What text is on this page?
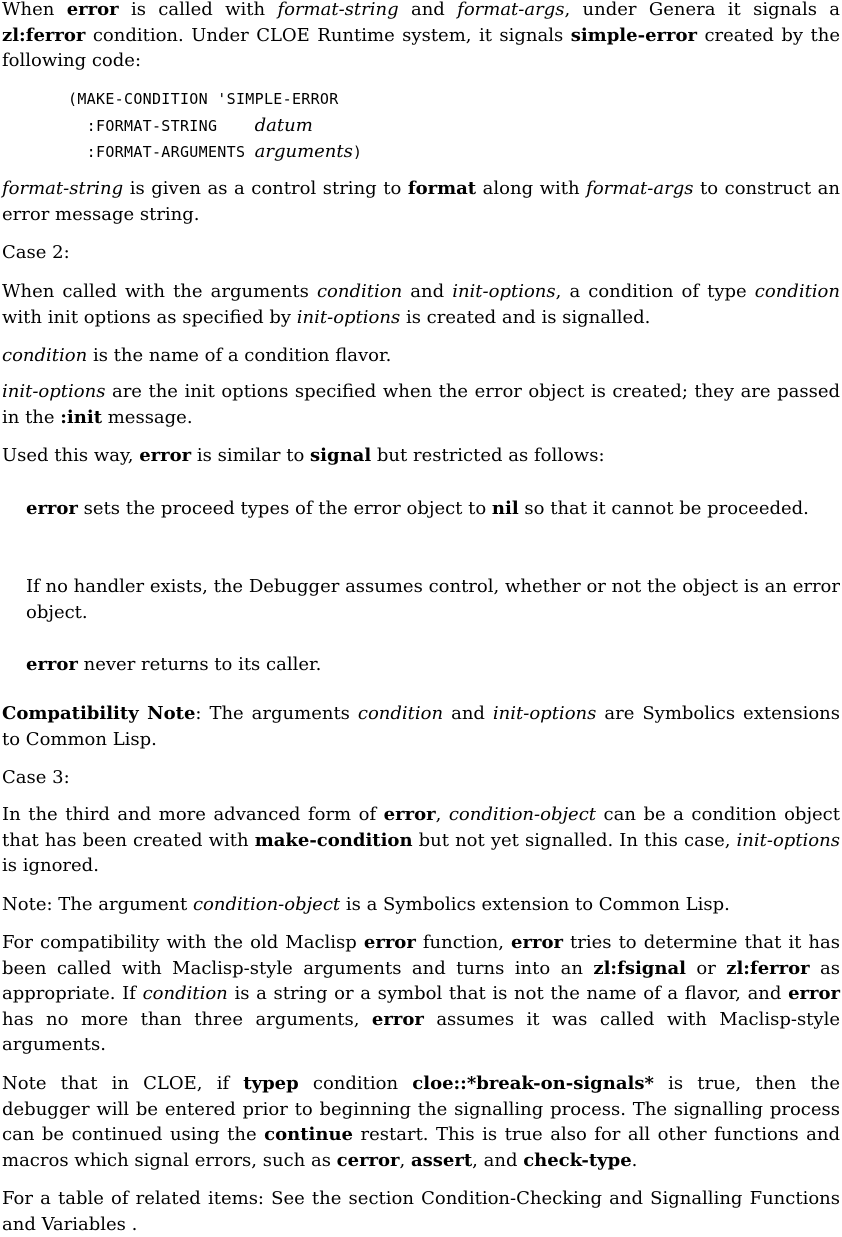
When error is called with format-string and format-args, under Genera it signals a zl:ferror condition. Under CLOE Runtime system, it signals simple-error created by the following code:

(MAKE-CONDITION 'SIMPLE-ERROR
:FORMAT-STRING    datum
:FORMAT-ARGUMENTS arguments)

format-string is given as a control string to format along with format-args to construct an error message string.

Case 2:

When called with the arguments condition and init-options, a condition of type condition with init options as specified by init-options is created and is signalled.

condition is the name of a condition flavor.

init-options are the init options specified when the error object is created; they are passed in the :init message.

Used this way, error is similar to signal but restricted as follows:

error sets the proceed types of the error object to nil so that it cannot be proceeded.

If no handler exists, the Debugger assumes control, whether or not the object is an error object.

error never returns to its caller.

Compatibility Note: The arguments condition and init-options are Symbolics extensions to Common Lisp.

Case 3:

In the third and more advanced form of error, condition-object can be a condition object that has been created with make-condition but not yet signalled. In this case, init-options is ignored.

Note: The argument condition-object is a Symbolics extension to Common Lisp.

For compatibility with the old Maclisp error function, error tries to determine that it has been called with Maclisp-style arguments and turns into an zl:fsignal or zl:ferror as appropriate. If condition is a string or a symbol that is not the name of a flavor, and error has no more than three arguments, error assumes it was called with Maclisp-style arguments.

Note that in CLOE, if typep condition cloe::*break-on-signals* is true, then the debugger will be entered prior to beginning the signalling process. The signalling process can be continued using the continue restart. This is true also for all other functions and macros which signal errors, such as cerror, assert, and check-type.

For a table of related items: See the section Condition-Checking and Signalling Functions and Variables .
